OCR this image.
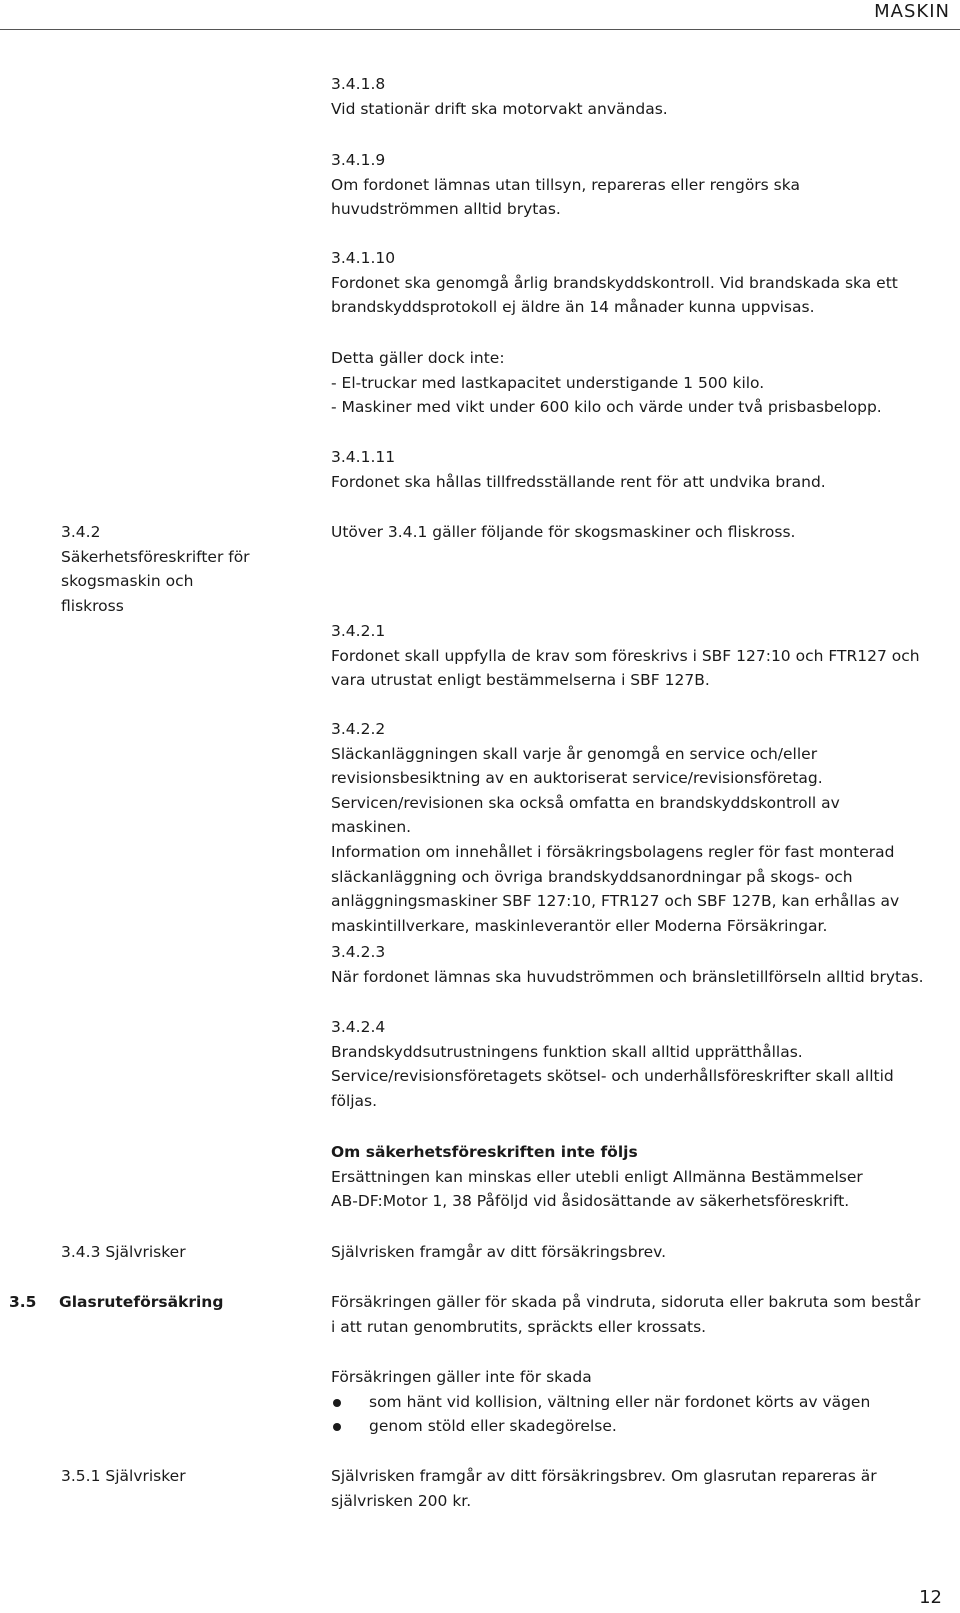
MASKIN
3.4.1.8
Vid stationär drift ska motorvakt användas.
3.4.1.9
Om fordonet lämnas utan tillsyn, repareras eller rengörs ska huvudströmmen alltid brytas.
3.4.1.10
Fordonet ska genomgå årlig brandskyddskontroll. Vid brandskada ska ett brandskyddsprotokoll ej äldre än 14 månader kunna uppvisas.
Detta gäller dock inte:
- El-truckar med lastkapacitet understigande 1 500 kilo.
- Maskiner med vikt under 600 kilo och värde under två prisbasbelopp.
3.4.1.11
Fordonet ska hållas tillfredsställande rent för att undvika brand.
3.4.2 Säkerhetsföreskrifter för skogsmaskin och fliskross
Utöver 3.4.1 gäller följande för skogsmaskiner och fliskross.
3.4.2.1
Fordonet skall uppfylla de krav som föreskrivs i SBF 127:10 och FTR127 och vara utrustat enligt bestämmelserna i SBF 127B.
3.4.2.2
Släckanläggningen skall varje år genomgå en service och/eller revisionsbesiktning av en auktoriserat service/revisionsföretag.
Servicen/revisionen ska också omfatta en brandskyddskontroll av maskinen.
Information om innehållet i försäkringsbolagens regler för fast monterad släckanläggning och övriga brandskyddsanordningar på skogs- och anläggningsmaskiner SBF 127:10, FTR127 och SBF 127B, kan erhållas av maskintillverkare, maskinleverantör eller Moderna Försäkringar.
3.4.2.3
När fordonet lämnas ska huvudströmmen och bränsletillförseln alltid brytas.
3.4.2.4
Brandskyddsutrustningens funktion skall alltid upprätthållas.
Service/revisionsföretagets skötsel- och underhållsföreskrifter skall alltid följas.
Om säkerhetsföreskriften inte följs
Ersättningen kan minskas eller utebli enligt Allmänna Bestämmelser AB-DF:Motor 1, 38 Påföljd vid åsidosättande av säkerhetsföreskrift.
3.4.3 Självrisker	Självrisken framgår av ditt försäkringsbrev.
3.5 Glasruteförsäkring	Försäkringen gäller för skada på vindruta, sidoruta eller bakruta som består i att rutan genombrutits, spräckts eller krossats.
Försäkringen gäller inte för skada
som hänt vid kollision, vältning eller när fordonet körts av vägen
genom stöld eller skadegörelse.
3.5.1 Självrisker	Självrisken framgår av ditt försäkringsbrev. Om glasrutan repareras är självrisken 200 kr.
12
